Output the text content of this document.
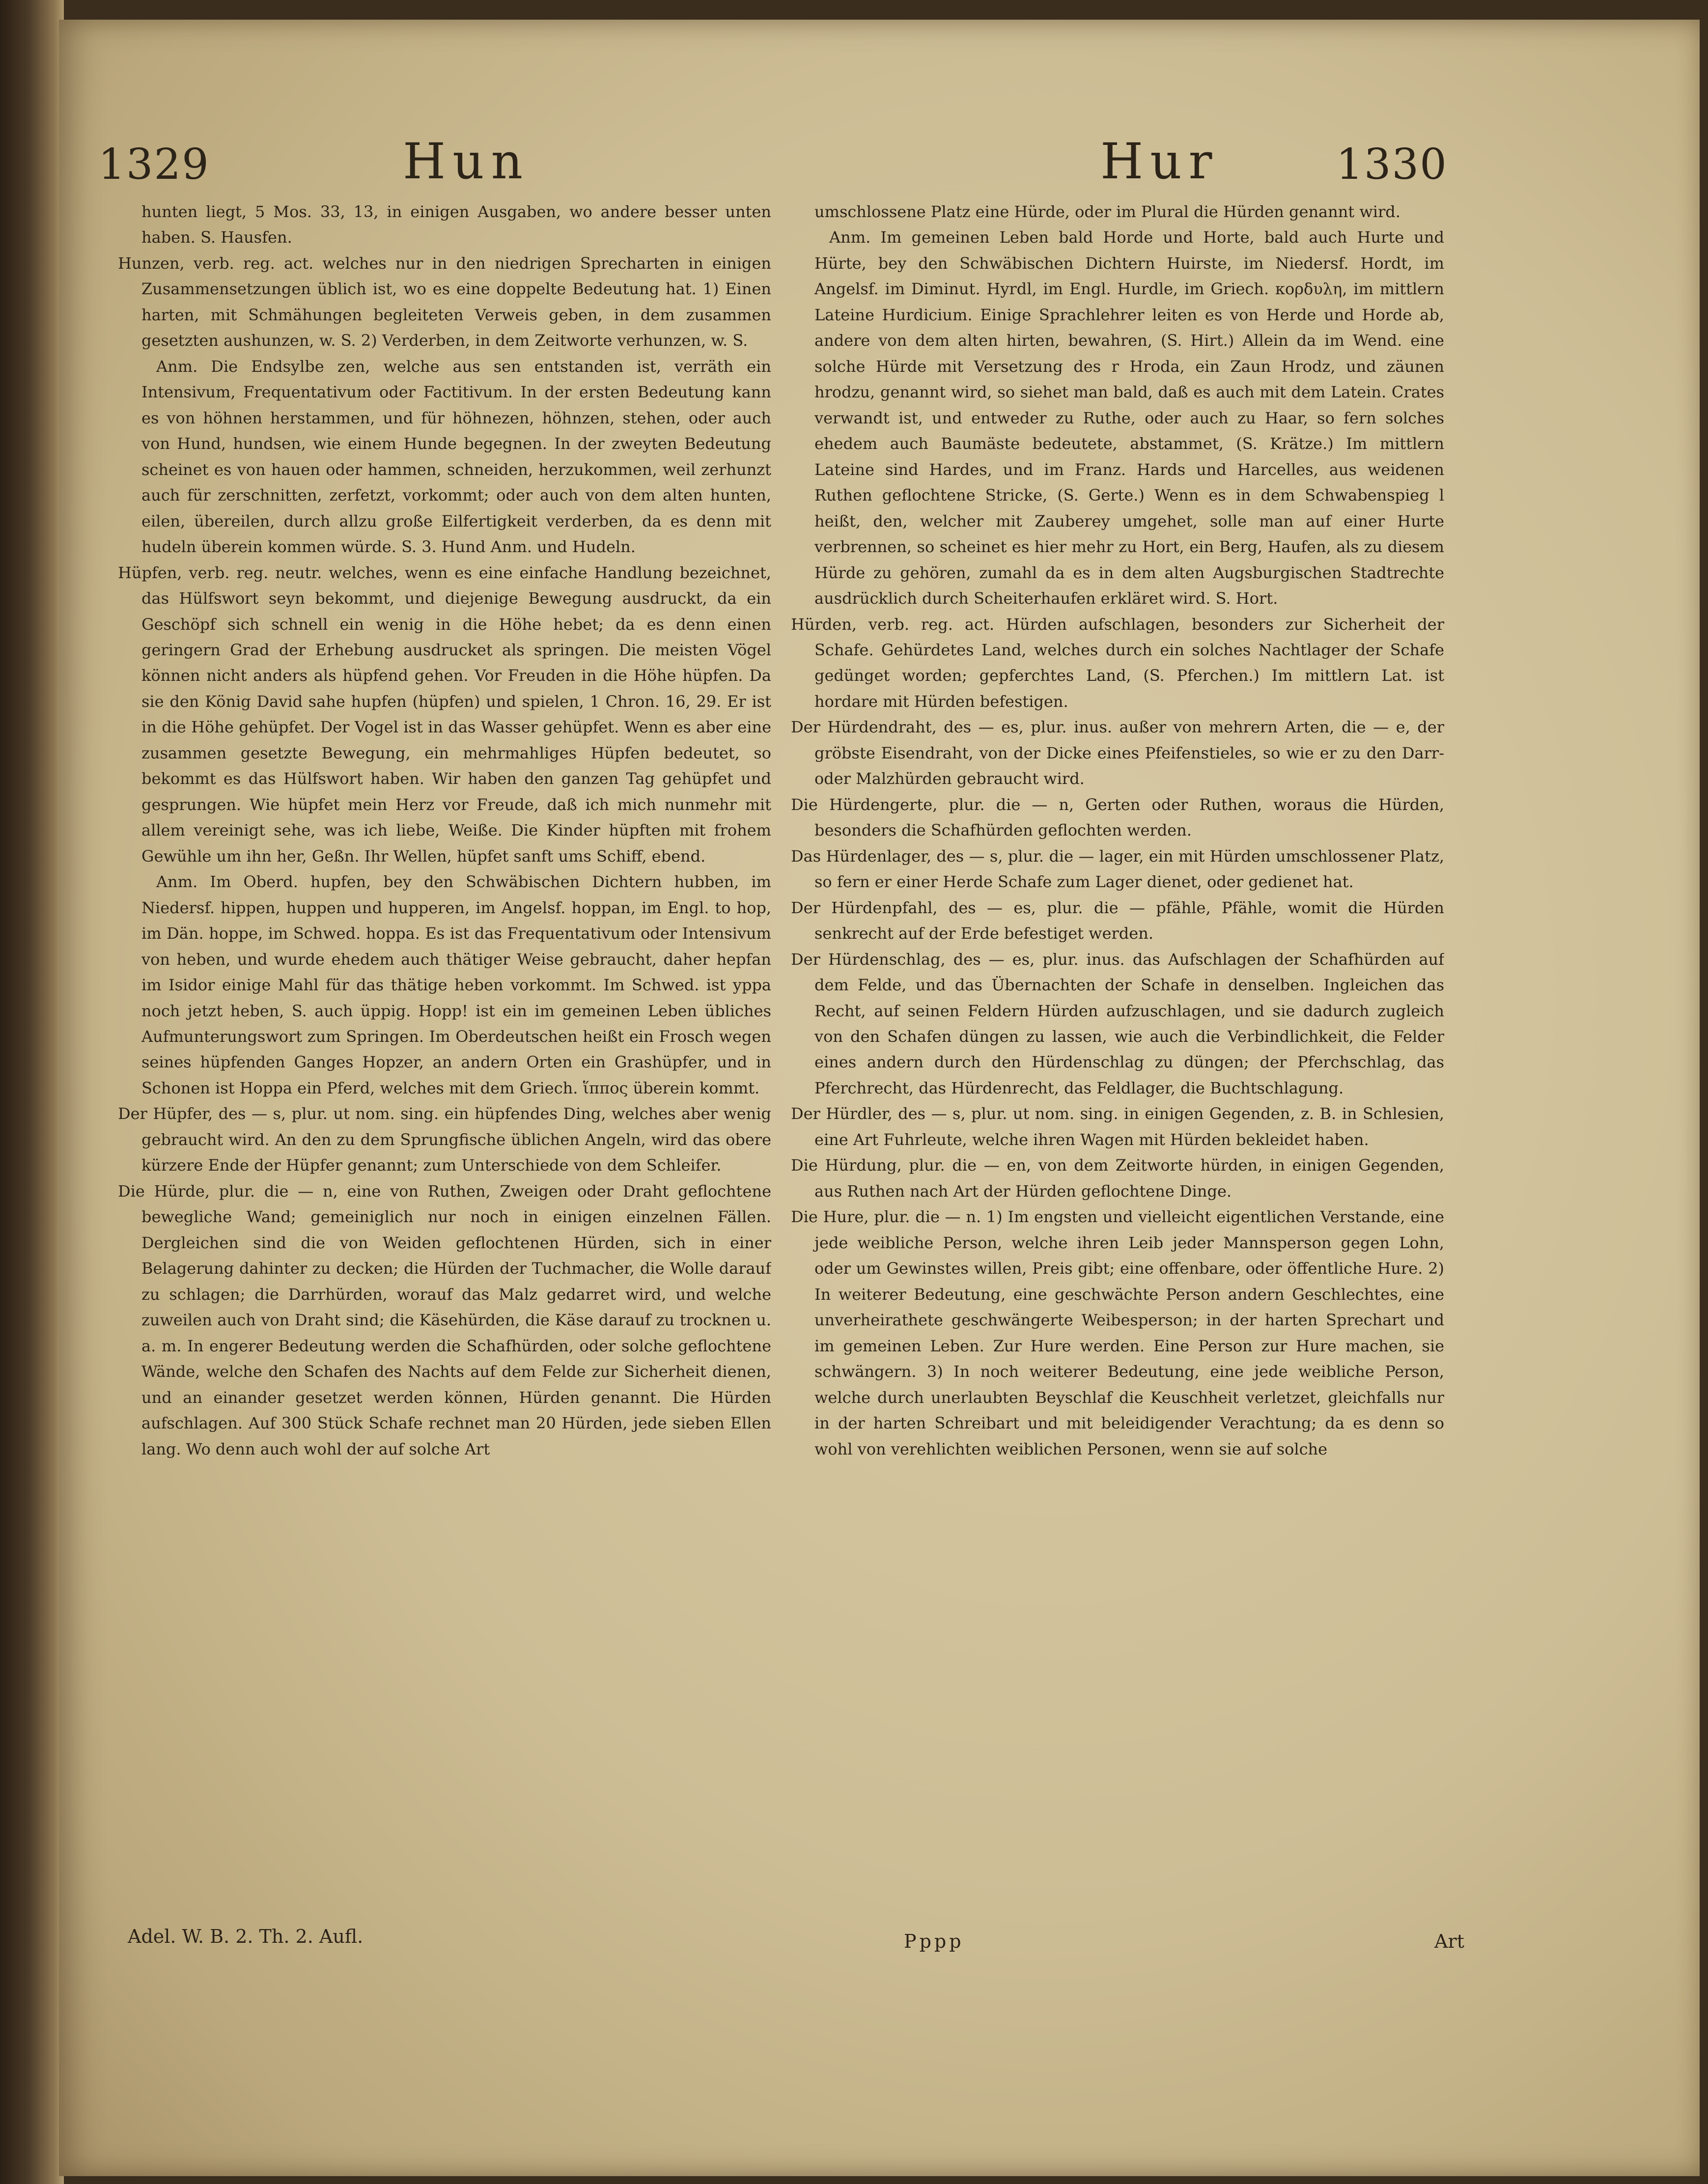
1329	Hun	Hur	1330

hunten liegt, 5 Mos. 33, 13, in einigen Ausgaben, wo andere besser unten haben. S. Hausfen.

Hunzen, verb. reg. act. welches nur in den niedrigen Sprecharten in einigen Zusammensetzungen üblich ist, wo es eine doppelte Bedeutung hat. 1) Einen harten, mit Schmähungen begleiteten Verweis geben, in dem zusammen gesetzten aushunzen, w. S. 2) Verderben, in dem Zeitworte verhunzen, w. S.

Anm. Die Endsylbe zen, welche aus sen entstanden ist, verräth ein Intensivum, Frequentativum oder Factitivum. In der ersten Bedeutung kann es von höhnen herstammen, und für höhnezen, höhnzen, stehen, oder auch von Hund, hundsen, wie einem Hunde begegnen. In der zweyten Bedeutung scheinet es von hauen oder hammen, schneiden, herzukommen, weil zerhunzt auch für zerschnitten, zerfetzt, vorkommt; oder auch von dem alten hunten, eilen, übereilen, durch allzu große Eilfertigkeit verderben, da es denn mit hudeln überein kommen würde. S. 3. Hund Anm. und Hudeln.

Hüpfen, verb. reg. neutr. welches, wenn es eine einfache Handlung bezeichnet, das Hülfswort seyn bekommt, und diejenige Bewegung ausdruckt, da ein Geschöpf sich schnell ein wenig in die Höhe hebet; da es denn einen geringern Grad der Erhebung ausdrucket als springen. Die meisten Vögel können nicht anders als hüpfend gehen. Vor Freuden in die Höhe hüpfen. Da sie den König David sahe hupfen (hüpfen) und spielen, 1 Chron. 16, 29. Er ist in die Höhe gehüpfet. Der Vogel ist in das Wasser gehüpfet. Wenn es aber eine zusammen gesetzte Bewegung, ein mehrmahliges Hüpfen bedeutet, so bekommt es das Hülfswort haben. Wir haben den ganzen Tag gehüpfet und gesprungen. Wie hüpfet mein Herz vor Freude, daß ich mich nunmehr mit allem vereinigt sehe, was ich liebe, Weiße. Die Kinder hüpften mit frohem Gewühle um ihn her, Geßn. Ihr Wellen, hüpfet sanft ums Schiff, ebend.

Anm. Im Oberd. hupfen, bey den Schwäbischen Dichtern hubben, im Niedersf. hippen, huppen und hupperen, im Angelsf. hoppan, im Engl. to hop, im Dän. hoppe, im Schwed. hoppa. Es ist das Frequentativum oder Intensivum von heben, und wurde ehedem auch thätiger Weise gebraucht, daher hepfan im Isidor einige Mahl für das thätige heben vorkommt. Im Schwed. ist yppa noch jetzt heben, S. auch üppig. Hopp! ist ein im gemeinen Leben übliches Aufmunterungswort zum Springen. Im Oberdeutschen heißt ein Frosch wegen seines hüpfenden Ganges Hopzer, an andern Orten ein Grashüpfer, und in Schonen ist Hoppa ein Pferd, welches mit dem Griech. ἵππος überein kommt.

Der Hüpfer, des — s, plur. ut nom. sing. ein hüpfendes Ding, welches aber wenig gebraucht wird. An den zu dem Sprungfische üblichen Angeln, wird das obere kürzere Ende der Hüpfer genannt; zum Unterschiede von dem Schleifer.

Die Hürde, plur. die — n, eine von Ruthen, Zweigen oder Draht geflochtene bewegliche Wand; gemeiniglich nur noch in einigen einzelnen Fällen. Dergleichen sind die von Weiden geflochtenen Hürden, sich in einer Belagerung dahinter zu decken; die Hürden der Tuchmacher, die Wolle darauf zu schlagen; die Darrhürden, worauf das Malz gedarret wird, und welche zuweilen auch von Draht sind; die Käsehürden, die Käse darauf zu trocknen u. a. m. In engerer Bedeutung werden die Schafhürden, oder solche geflochtene Wände, welche den Schafen des Nachts auf dem Felde zur Sicherheit dienen, und an einander gesetzet werden können, Hürden genannt. Die Hürden aufschlagen. Auf 300 Stück Schafe rechnet man 20 Hürden, jede sieben Ellen lang. Wo denn auch wohl der auf solche Art

umschlossene Platz eine Hürde, oder im Plural die Hürden genannt wird.

Anm. Im gemeinen Leben bald Horde und Horte, bald auch Hurte und Hürte, bey den Schwäbischen Dichtern Huirste, im Niedersf. Hordt, im Angelsf. im Diminut. Hyrdl, im Engl. Hurdle, im Griech. κορδυλη, im mittlern Lateine Hurdicium. Einige Sprachlehrer leiten es von Herde und Horde ab, andere von dem alten hirten, bewahren, (S. Hirt.) Allein da im Wend. eine solche Hürde mit Versetzung des r Hroda, ein Zaun Hrodz, und zäunen hrodzu, genannt wird, so siehet man bald, daß es auch mit dem Latein. Crates verwandt ist, und entweder zu Ruthe, oder auch zu Haar, so fern solches ehedem auch Baumäste bedeutete, abstammet, (S. Krätze.) Im mittlern Lateine sind Hardes, und im Franz. Hards und Harcelles, aus weidenen Ruthen geflochtene Stricke, (S. Gerte.) Wenn es in dem Schwabenspieg l heißt, den, welcher mit Zauberey umgehet, solle man auf einer Hurte verbrennen, so scheinet es hier mehr zu Hort, ein Berg, Haufen, als zu diesem Hürde zu gehören, zumahl da es in dem alten Augsburgischen Stadtrechte ausdrücklich durch Scheiterhaufen erkläret wird. S. Hort.

Hürden, verb. reg. act. Hürden aufschlagen, besonders zur Sicherheit der Schafe. Gehürdetes Land, welches durch ein solches Nachtlager der Schafe gedünget worden; gepferchtes Land, (S. Pferchen.) Im mittlern Lat. ist hordare mit Hürden befestigen.

Der Hürdendraht, des — es, plur. inus. außer von mehrern Arten, die — e, der gröbste Eisendraht, von der Dicke eines Pfeifenstieles, so wie er zu den Darr- oder Malzhürden gebraucht wird.

Die Hürdengerte, plur. die — n, Gerten oder Ruthen, woraus die Hürden, besonders die Schafhürden geflochten werden.

Das Hürdenlager, des — s, plur. die — lager, ein mit Hürden umschlossener Platz, so fern er einer Herde Schafe zum Lager dienet, oder gedienet hat.

Der Hürdenpfahl, des — es, plur. die — pfähle, Pfähle, womit die Hürden senkrecht auf der Erde befestiget werden.

Der Hürdenschlag, des — es, plur. inus. das Aufschlagen der Schafhürden auf dem Felde, und das Übernachten der Schafe in denselben. Ingleichen das Recht, auf seinen Feldern Hürden aufzuschlagen, und sie dadurch zugleich von den Schafen düngen zu lassen, wie auch die Verbindlichkeit, die Felder eines andern durch den Hürdenschlag zu düngen; der Pferchschlag, das Pferchrecht, das Hürdenrecht, das Feldlager, die Buchtschlagung.

Der Hürdler, des — s, plur. ut nom. sing. in einigen Gegenden, z. B. in Schlesien, eine Art Fuhrleute, welche ihren Wagen mit Hürden bekleidet haben.

Die Hürdung, plur. die — en, von dem Zeitworte hürden, in einigen Gegenden, aus Ruthen nach Art der Hürden geflochtene Dinge.

Die Hure, plur. die — n. 1) Im engsten und vielleicht eigentlichen Verstande, eine jede weibliche Person, welche ihren Leib jeder Mannsperson gegen Lohn, oder um Gewinstes willen, Preis gibt; eine offenbare, oder öffentliche Hure. 2) In weiterer Bedeutung, eine geschwächte Person andern Geschlechtes, eine unverheirathete geschwängerte Weibesperson; in der harten Sprechart und im gemeinen Leben. Zur Hure werden. Eine Person zur Hure machen, sie schwängern. 3) In noch weiterer Bedeutung, eine jede weibliche Person, welche durch unerlaubten Beyschlaf die Keuschheit verletzet, gleichfalls nur in der harten Schreibart und mit beleidigender Verachtung; da es denn so wohl von verehlichten weiblichen Personen, wenn sie auf solche

Adel. W. B. 2. Th. 2. Aufl.	Pppp	Art
